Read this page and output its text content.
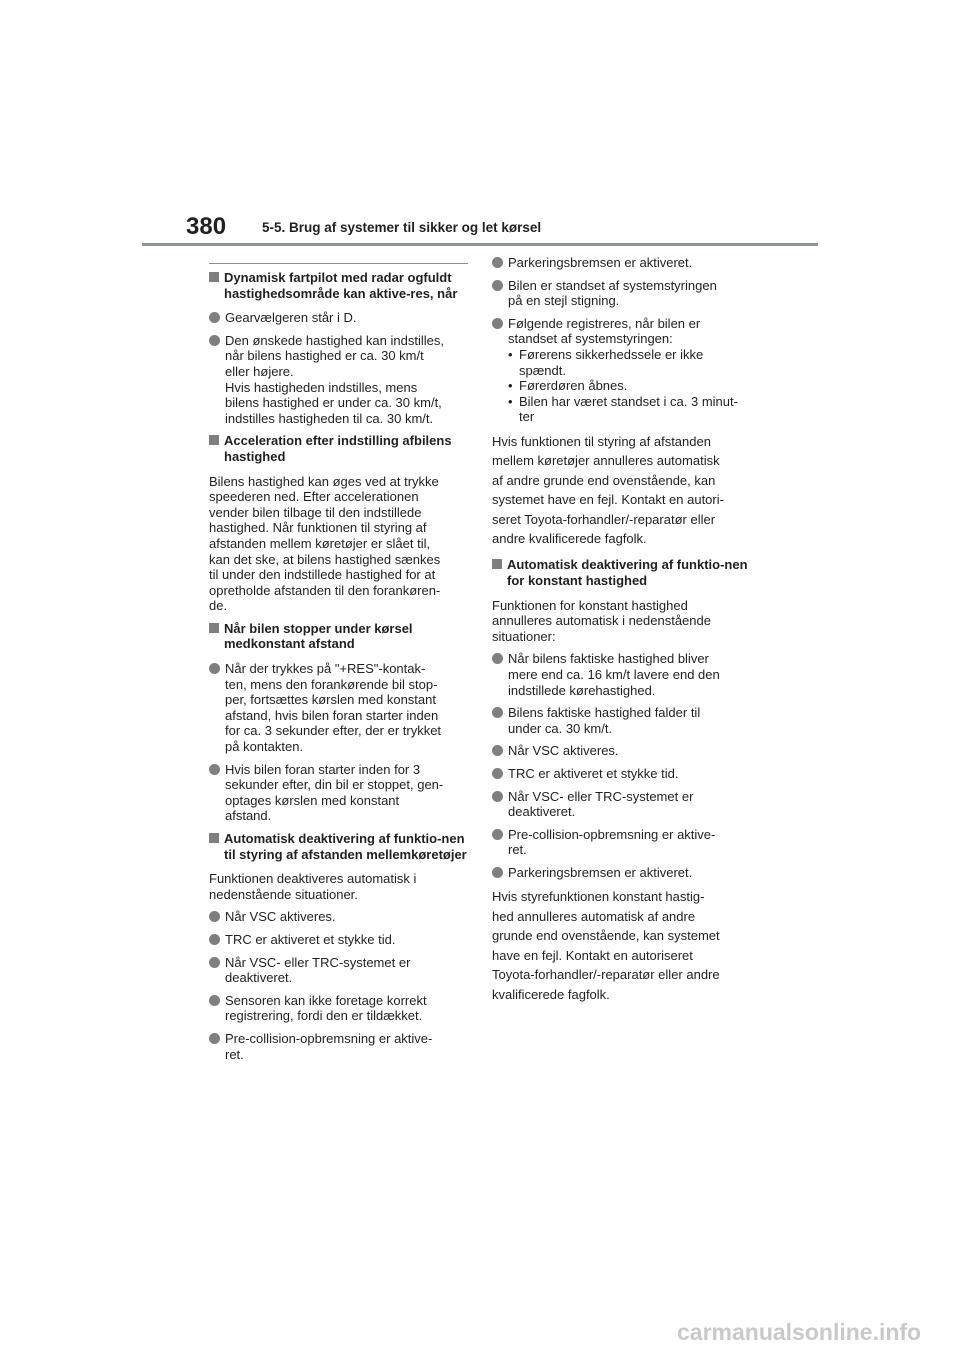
380	5-5. Brug af systemer til sikker og let kørsel
Dynamisk fartpilot med radar ogfuldt hastighedsområde kan aktive-res, når
Gearvælgeren står i D.
Den ønskede hastighed kan indstilles,
når bilens hastighed er ca. 30 km/t
eller højere.
Hvis hastigheden indstilles, mens
bilens hastighed er under ca. 30 km/t,
indstilles hastigheden til ca. 30 km/t.
Acceleration efter indstilling afbilens hastighed
Bilens hastighed kan øges ved at trykke
speederen ned. Efter accelerationen
vender bilen tilbage til den indstillede
hastighed. Når funktionen til styring af
afstanden mellem køretøjer er slået til,
kan det ske, at bilens hastighed sænkes
til under den indstillede hastighed for at
opretholde afstanden til den forankøren-
de.
Når bilen stopper under kørsel medkonstant afstand
Når der trykkes på "+RES"-kontak-
ten, mens den forankørende bil stop-
per, fortsættes kørslen med konstant
afstand, hvis bilen foran starter inden
for ca. 3 sekunder efter, der er trykket
på kontakten.
Hvis bilen foran starter inden for 3
sekunder efter, din bil er stoppet, gen-
optages kørslen med konstant
afstand.
Automatisk deaktivering af funktio-nen til styring af afstanden mellemkøretøjer
Funktionen deaktiveres automatisk i
nedenstående situationer.
Når VSC aktiveres.
TRC er aktiveret et stykke tid.
Når VSC- eller TRC-systemet er
deaktiveret.
Sensoren kan ikke foretage korrekt
registrering, fordi den er tildækket.
Pre-collision-opbremsning er aktive-
ret.
Parkeringsbremsen er aktiveret.
Bilen er standset af systemstyringen
på en stejl stigning.
Følgende registreres, når bilen er
standset af systemstyringen:
• Førerens sikkerhedssele er ikke
spændt.
• Førerdøren åbnes.
• Bilen har været standset i ca. 3 minut-
ter
Hvis funktionen til styring af afstanden
mellem køretøjer annulleres automatisk
af andre grunde end ovenstående, kan
systemet have en fejl. Kontakt en autori-
seret Toyota-forhandler/-reparatør eller
andre kvalificerede fagfolk.
Automatisk deaktivering af funktio-nen for konstant hastighed
Funktionen for konstant hastighed
annulleres automatisk i nedenstående
situationer:
Når bilens faktiske hastighed bliver
mere end ca. 16 km/t lavere end den
indstillede kørehastighed.
Bilens faktiske hastighed falder til
under ca. 30 km/t.
Når VSC aktiveres.
TRC er aktiveret et stykke tid.
Når VSC- eller TRC-systemet er
deaktiveret.
Pre-collision-opbremsning er aktive-
ret.
Parkeringsbremsen er aktiveret.
Hvis styrefunktionen konstant hastig-
hed annulleres automatisk af andre
grunde end ovenstående, kan systemet
have en fejl. Kontakt en autoriseret
Toyota-forhandler/-reparatør eller andre
kvalificerede fagfolk.
carmanualsonline.info
